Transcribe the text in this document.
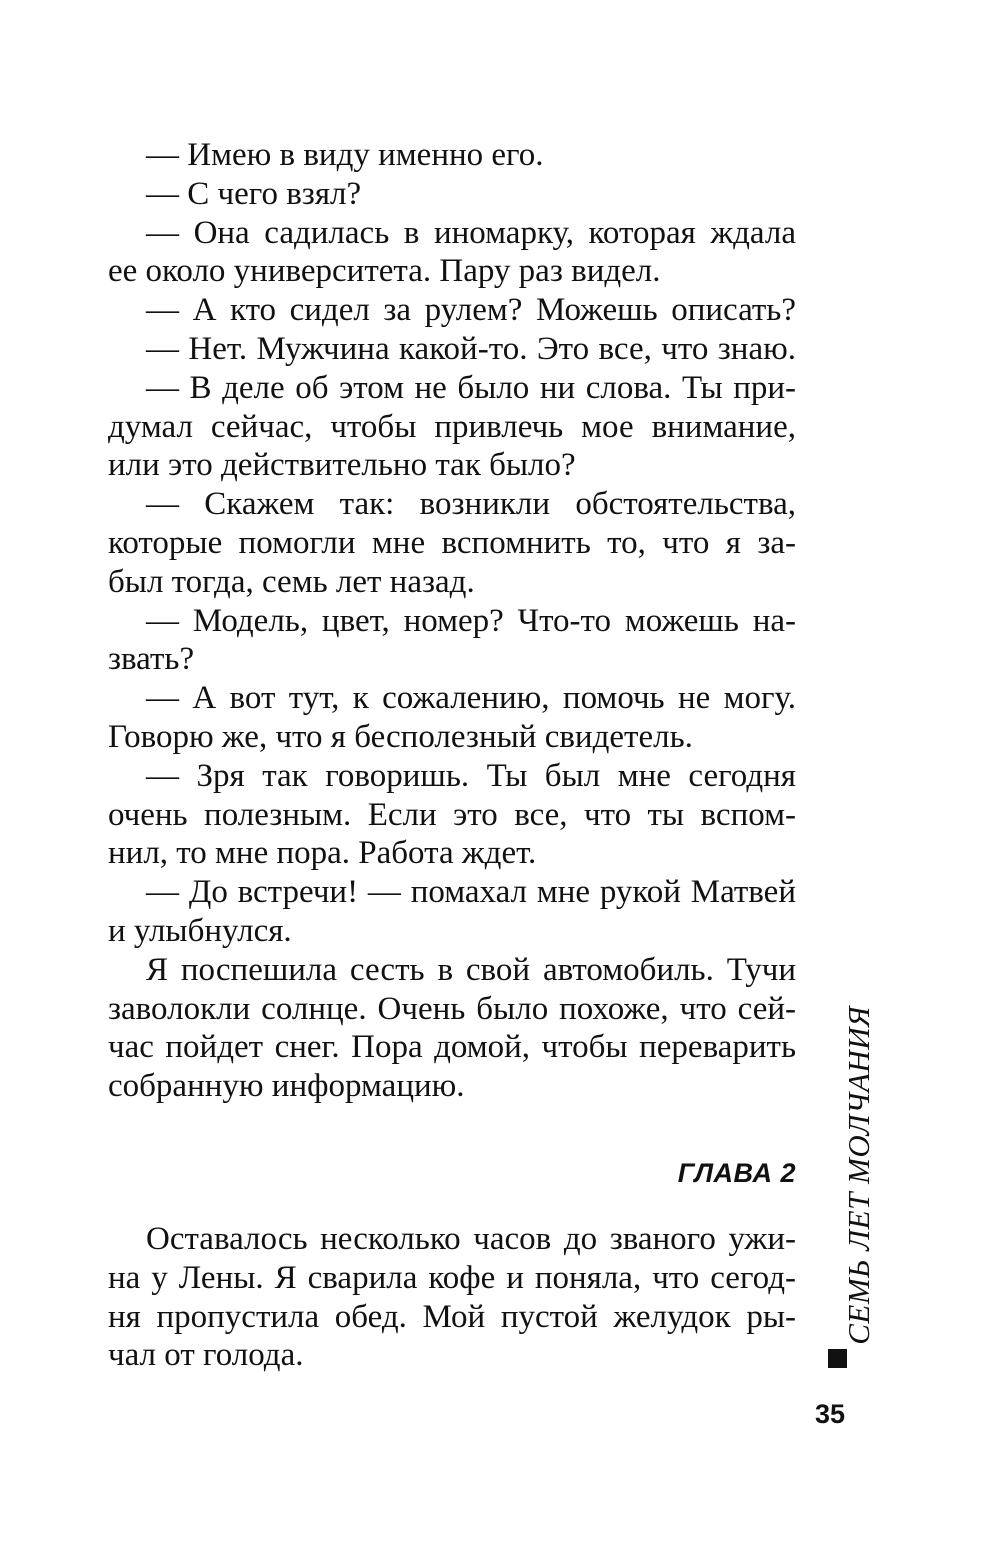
— Имею в виду именно его.
— С чего взял?
— Она садилась в иномарку, которая ждала
ее около университета. Пару раз видел.
— А кто сидел за рулем? Можешь описать?
— Нет. Мужчина какой-то. Это все, что знаю.
— В деле об этом не было ни слова. Ты при-
думал сейчас, чтобы привлечь мое внимание,
или это действительно так было?
— Скажем так: возникли обстоятельства,
которые помогли мне вспомнить то, что я за-
был тогда, семь лет назад.
— Модель, цвет, номер? Что-то можешь на-
звать?
— А вот тут, к сожалению, помочь не могу.
Говорю же, что я бесполезный свидетель.
— Зря так говоришь. Ты был мне сегодня
очень полезным. Если это все, что ты вспом-
нил, то мне пора. Работа ждет.
— До встречи! — помахал мне рукой Матвей
и улыбнулся.
Я поспешила сесть в свой автомобиль. Тучи
заволокли солнце. Очень было похоже, что сей-
час пойдет снег. Пора домой, чтобы переварить
собранную информацию.
ГЛАВА 2
Оставалось несколько часов до званого ужи-
на у Лены. Я сварила кофе и поняла, что сегод-
ня пропустила обед. Мой пустой желудок ры-
чал от голода.
СЕМЬ ЛЕТ МОЛЧАНИЯ
35
